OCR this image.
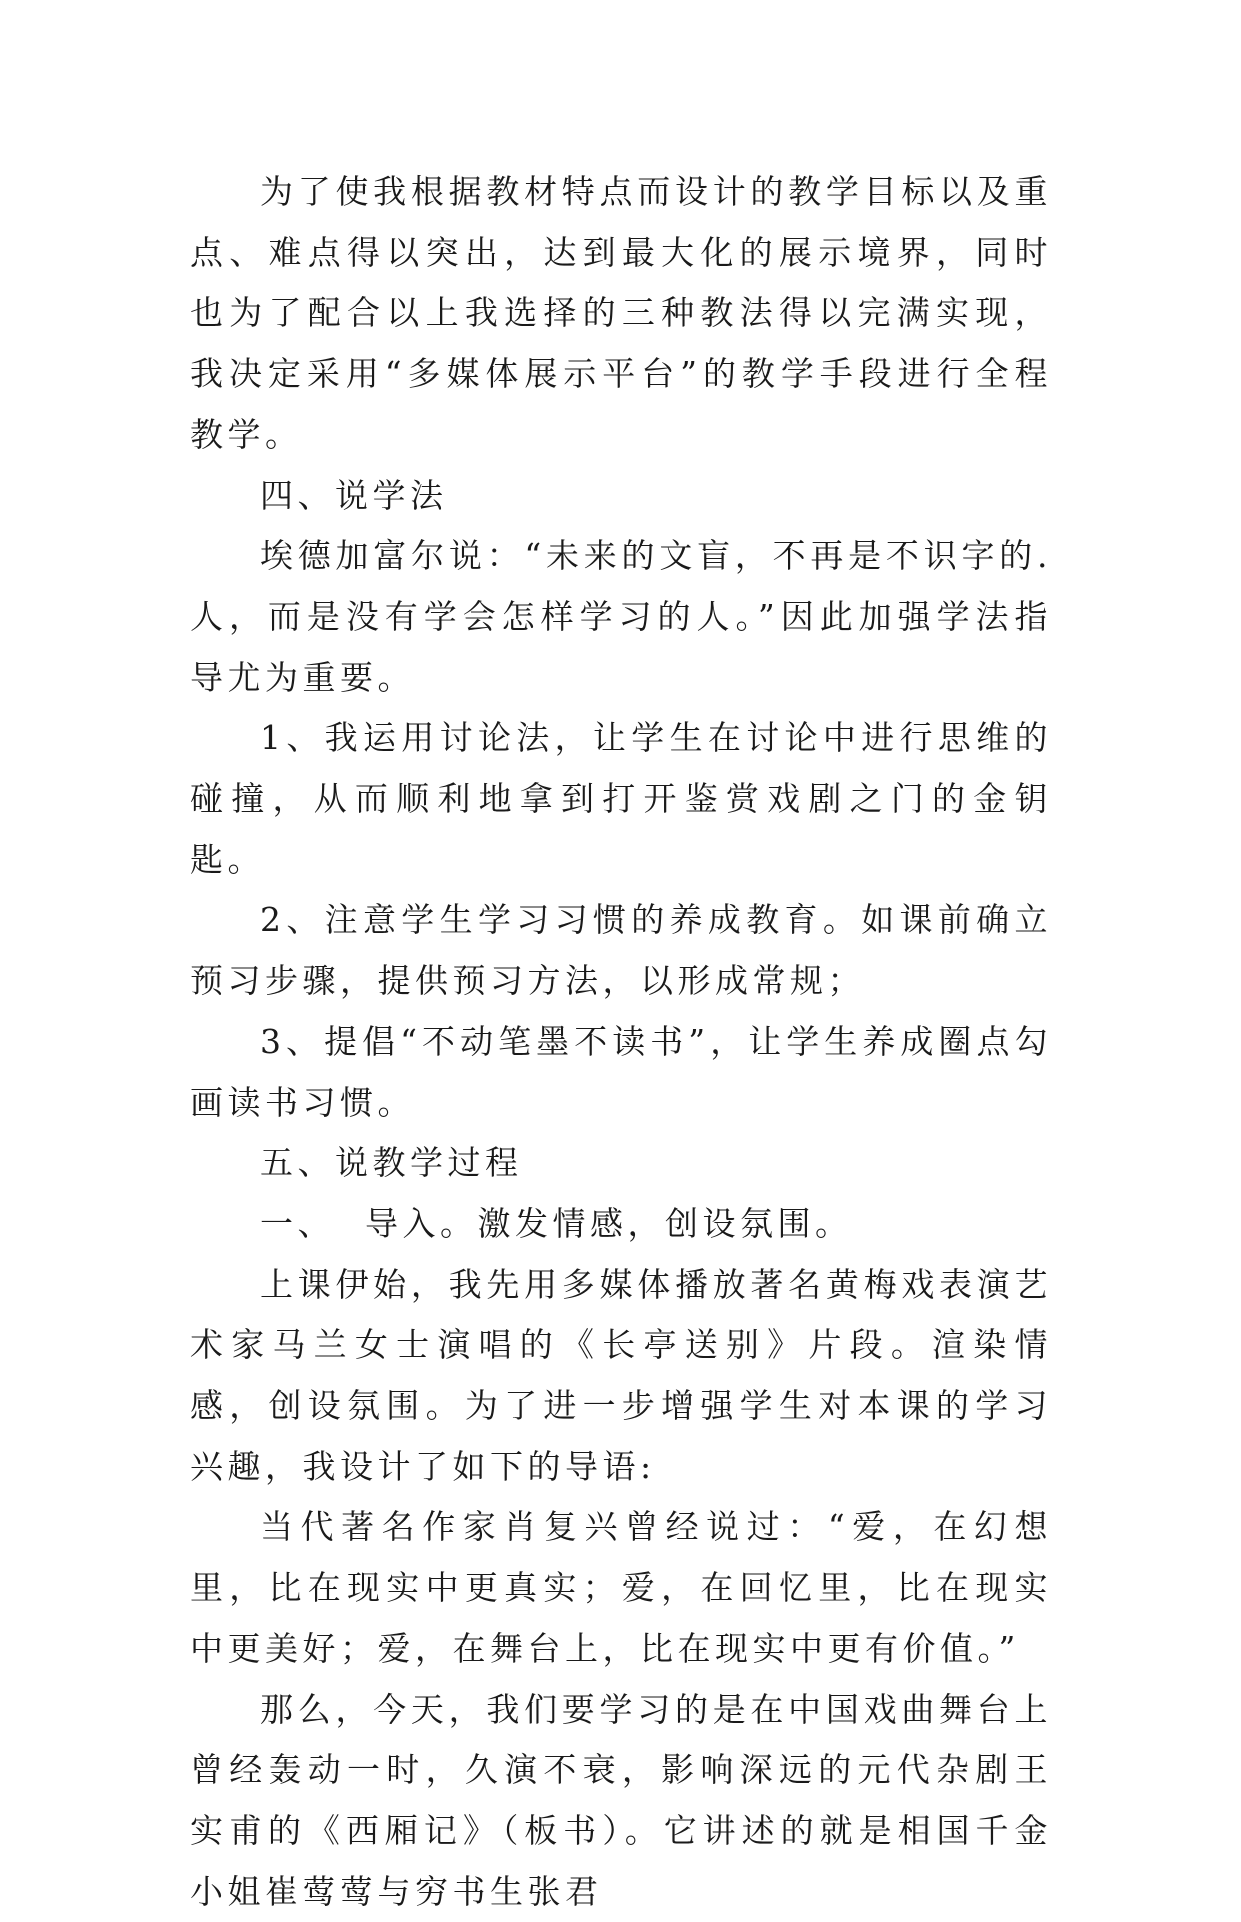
为了使我根据教材特点而设计的教学目标以及重点、难点得以突出，达到最大化的展示境界，同时也为了配合以上我选择的三种教法得以完满实现，我决定采用“多媒体展示平台”的教学手段进行全程教学。

四、说学法

埃德加富尔说：“未来的文盲，不再是不识字的.人，而是没有学会怎样学习的人。”因此加强学法指导尤为重要。

1、我运用讨论法，让学生在讨论中进行思维的碰撞，从而顺利地拿到打开鉴赏戏剧之门的金钥匙。

2、注意学生学习习惯的养成教育。如课前确立预习步骤，提供预习方法，以形成常规；

3、提倡“不动笔墨不读书”，让学生养成圈点勾画读书习惯。

五、说教学过程

一、  导入。激发情感，创设氛围。

上课伊始，我先用多媒体播放著名黄梅戏表演艺术家马兰女士演唱的《长亭送别》片段。渲染情感，创设氛围。为了进一步增强学生对本课的学习兴趣，我设计了如下的导语:

当代著名作家肖复兴曾经说过：“爱，在幻想里，比在现实中更真实；爱，在回忆里，比在现实中更美好；爱，在舞台上，比在现实中更有价值。”

那么，今天，我们要学习的是在中国戏曲舞台上曾经轰动一时，久演不衰，影响深远的元代杂剧王实甫的《西厢记》（板书）。它讲述的就是相国千金小姐崔莺莺与穷书生张君
